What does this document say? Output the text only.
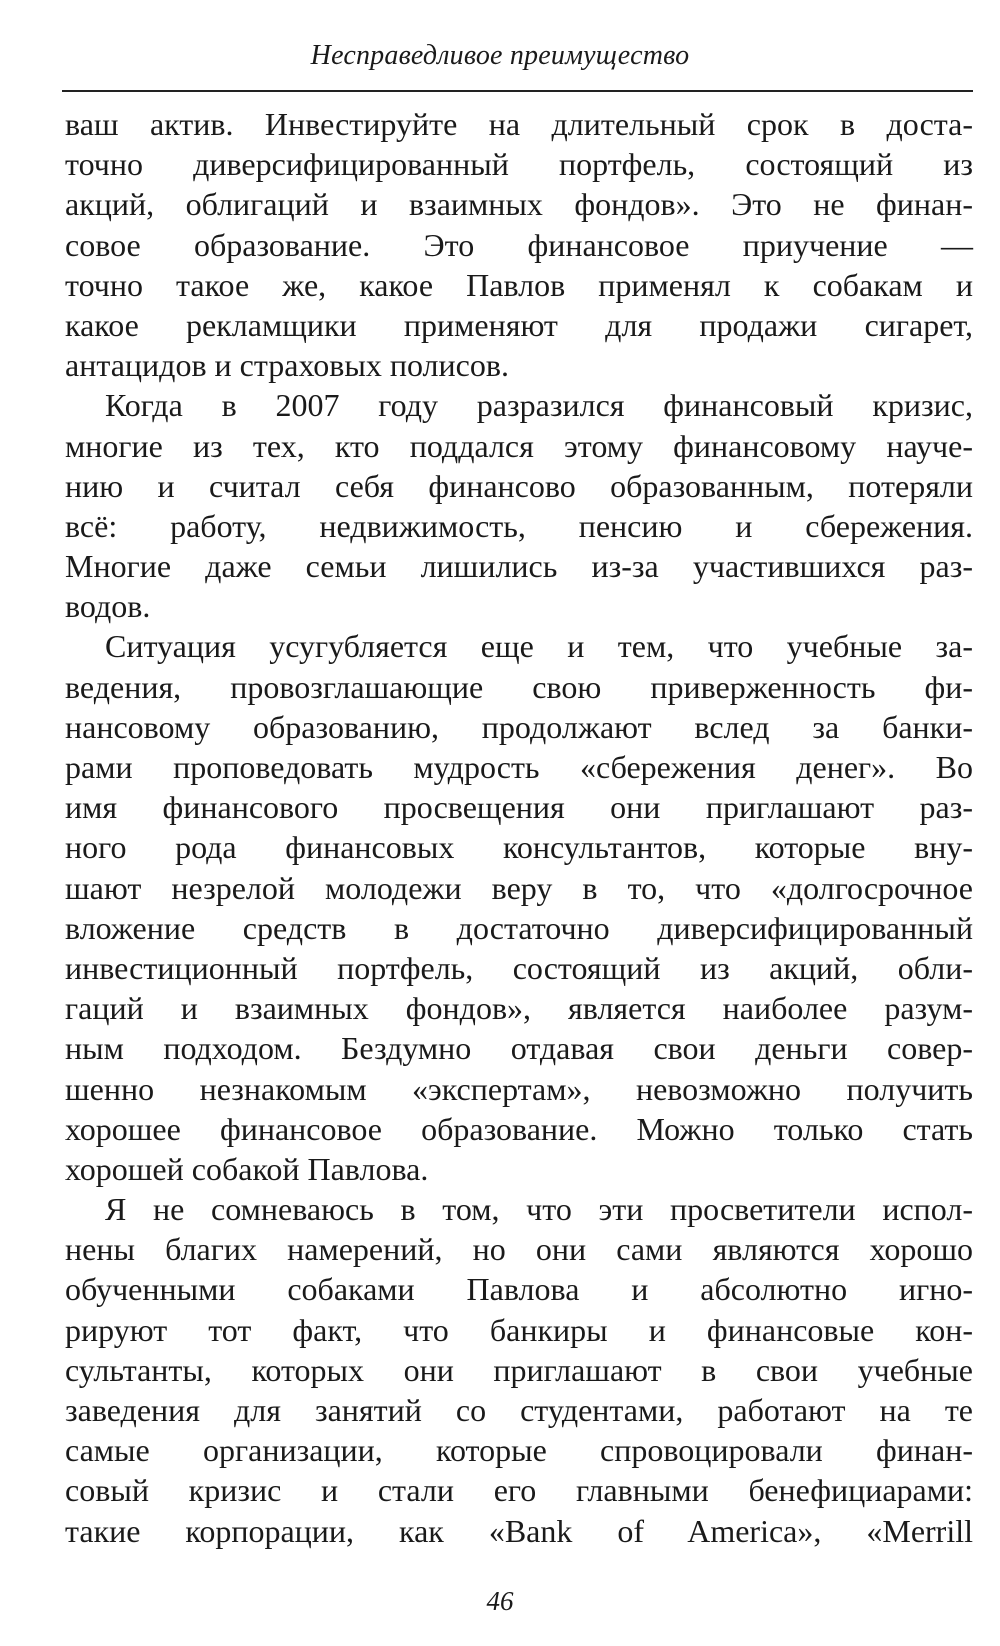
Несправедливое преимущество
ваш актив. Инвестируйте на длительный срок в доста-
точно диверсифицированный портфель, состоящий из
акций, облигаций и взаимных фондов». Это не финан-
совое образование. Это финансовое приучение —
точно такое же, какое Павлов применял к собакам и
какое рекламщики применяют для продажи сигарет,
антацидов и страховых полисов.
Когда в 2007 году разразился финансовый кризис,
многие из тех, кто поддался этому финансовому науче-
нию и считал себя финансово образованным, потеряли
всё: работу, недвижимость, пенсию и сбережения.
Многие даже семьи лишились из-за участившихся раз-
водов.
Ситуация усугубляется еще и тем, что учебные за-
ведения, провозглашающие свою приверженность фи-
нансовому образованию, продолжают вслед за банки-
рами проповедовать мудрость «сбережения денег». Во
имя финансового просвещения они приглашают раз-
ного рода финансовых консультантов, которые вну-
шают незрелой молодежи веру в то, что «долгосрочное
вложение средств в достаточно диверсифицированный
инвестиционный портфель, состоящий из акций, обли-
гаций и взаимных фондов», является наиболее разум-
ным подходом. Бездумно отдавая свои деньги совер-
шенно незнакомым «экспертам», невозможно получить
хорошее финансовое образование. Можно только стать
хорошей собакой Павлова.
Я не сомневаюсь в том, что эти просветители испол-
нены благих намерений, но они сами являются хорошо
обученными собаками Павлова и абсолютно игно-
рируют тот факт, что банкиры и финансовые кон-
сультанты, которых они приглашают в свои учебные
заведения для занятий со студентами, работают на те
самые организации, которые спровоцировали финан-
совый кризис и стали его главными бенефициарами:
такие корпорации, как «Bank of America», «Merrill
46
